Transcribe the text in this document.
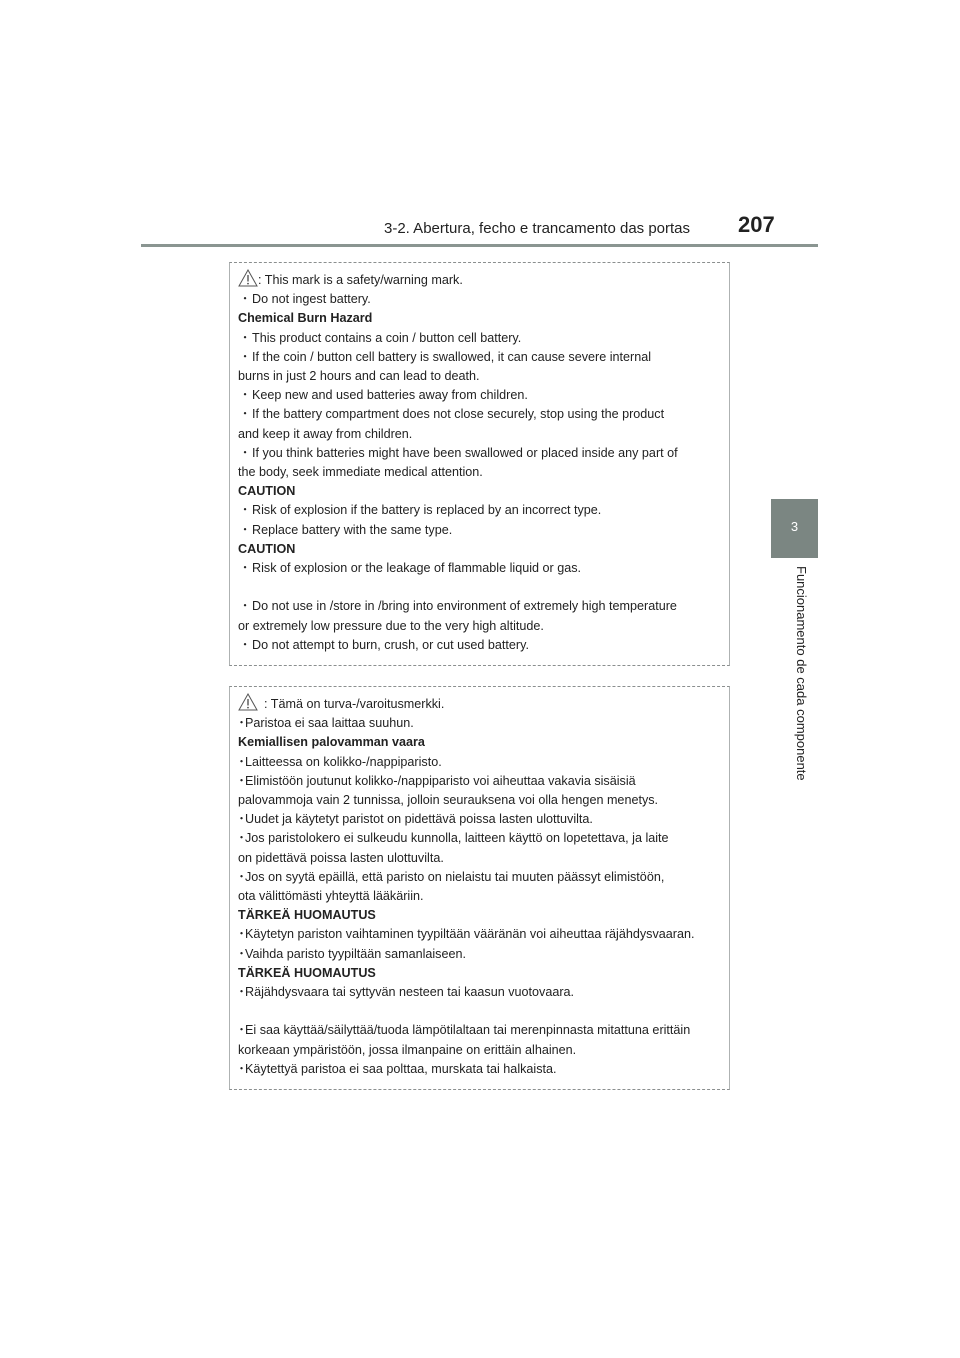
3-2. Abertura, fecho e trancamento das portas 207
3
Funcionamento de cada componente
: This mark is a safety/warning mark.
・Do not ingest battery.
Chemical Burn Hazard
・This product contains a coin / button cell battery.
・If the coin / button cell battery is swallowed, it can cause severe internal
burns in just 2 hours and can lead to death.
・Keep new and used batteries away from children.
・If the battery compartment does not close securely, stop using the product
and keep it away from children.
・If you think batteries might have been swallowed or placed inside any part of
the body, seek immediate medical attention.
CAUTION
・Risk of explosion if the battery is replaced by an incorrect type.
・Replace battery with the same type.
CAUTION
・Risk of explosion or the leakage of flammable liquid or gas.
・Do not use in /store in /bring into environment of extremely high temperature
or extremely low pressure due to the very high altitude.
・Do not attempt to burn, crush, or cut used battery.
: Tämä on turva-/varoitusmerkki.
･Paristoa ei saa laittaa suuhun.
Kemiallisen palovamman vaara
･Laitteessa on kolikko-/nappiparisto.
･Elimistöön joutunut kolikko-/nappiparisto voi aiheuttaa vakavia sisäisiä
palovammoja vain 2 tunnissa, jolloin seurauksena voi olla hengen menetys.
･Uudet ja käytetyt paristot on pidettävä poissa lasten ulottuvilta.
･Jos paristolokero ei sulkeudu kunnolla, laitteen käyttö on lopetettava, ja laite
on pidettävä poissa lasten ulottuvilta.
･Jos on syytä epäillä, että paristo on nielaistu tai muuten päässyt elimistöön,
ota välittömästi yhteyttä lääkäriin.
TÄRKEÄ HUOMAUTUS
･Käytetyn pariston vaihtaminen tyypiltään vääränän voi aiheuttaa räjähdysvaaran.
･Vaihda paristo tyypiltään samanlaiseen.
TÄRKEÄ HUOMAUTUS
･Räjähdysvaara tai syttyvän nesteen tai kaasun vuotovaara.
･Ei saa käyttää/säilyttää/tuoda lämpötilaltaan tai merenpinnasta mitattuna erittäin
korkeaan ympäristöön, jossa ilmanpaine on erittäin alhainen.
･Käytettyä paristoa ei saa polttaa, murskata tai halkaista.
